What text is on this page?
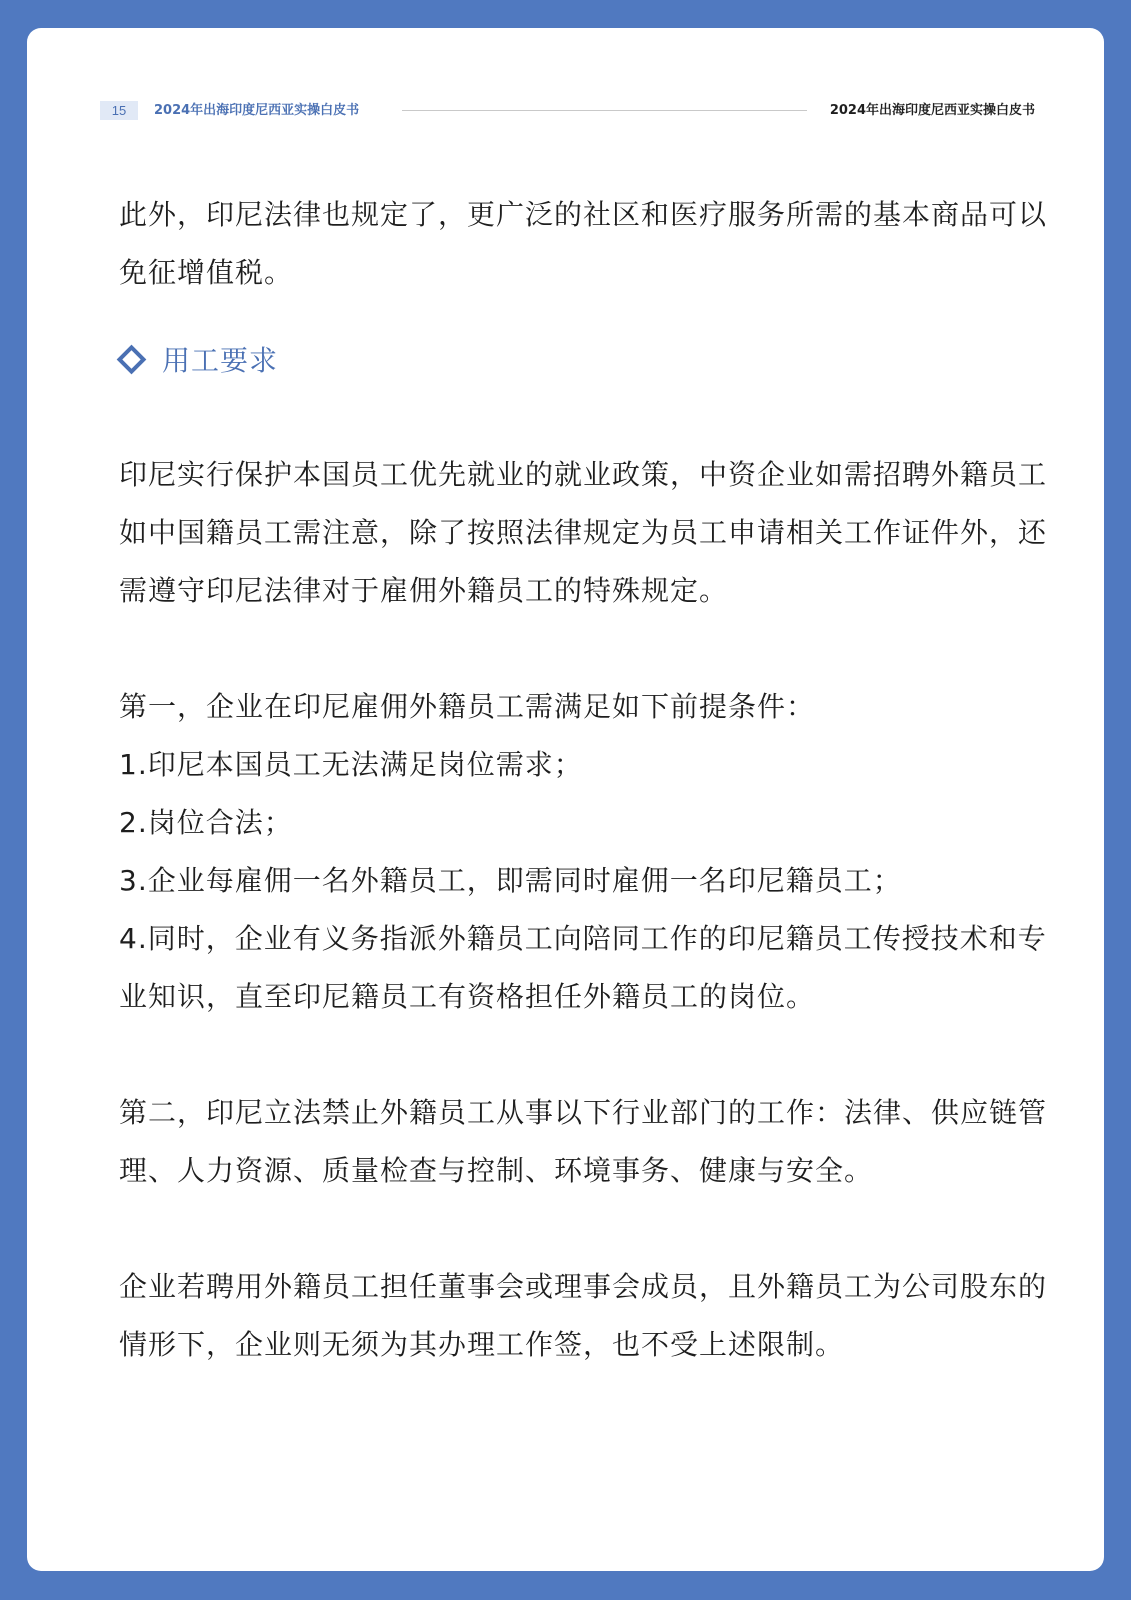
15	2024年出海印度尼西亚实操白皮书	2024年出海印度尼西亚实操白皮书

此外，印尼法律也规定了，更广泛的社区和医疗服务所需的基本商品可以免征增值税。

用工要求

印尼实行保护本国员工优先就业的就业政策，中资企业如需招聘外籍员工如中国籍员工需注意，除了按照法律规定为员工申请相关工作证件外，还需遵守印尼法律对于雇佣外籍员工的特殊规定。

第一，企业在印尼雇佣外籍员工需满足如下前提条件：

1.印尼本国员工无法满足岗位需求；

2.岗位合法；

3.企业每雇佣一名外籍员工，即需同时雇佣一名印尼籍员工；

4.同时，企业有义务指派外籍员工向陪同工作的印尼籍员工传授技术和专业知识，直至印尼籍员工有资格担任外籍员工的岗位。

第二，印尼立法禁止外籍员工从事以下行业部门的工作：法律、供应链管理、人力资源、质量检查与控制、环境事务、健康与安全。

企业若聘用外籍员工担任董事会或理事会成员，且外籍员工为公司股东的情形下，企业则无须为其办理工作签，也不受上述限制。
